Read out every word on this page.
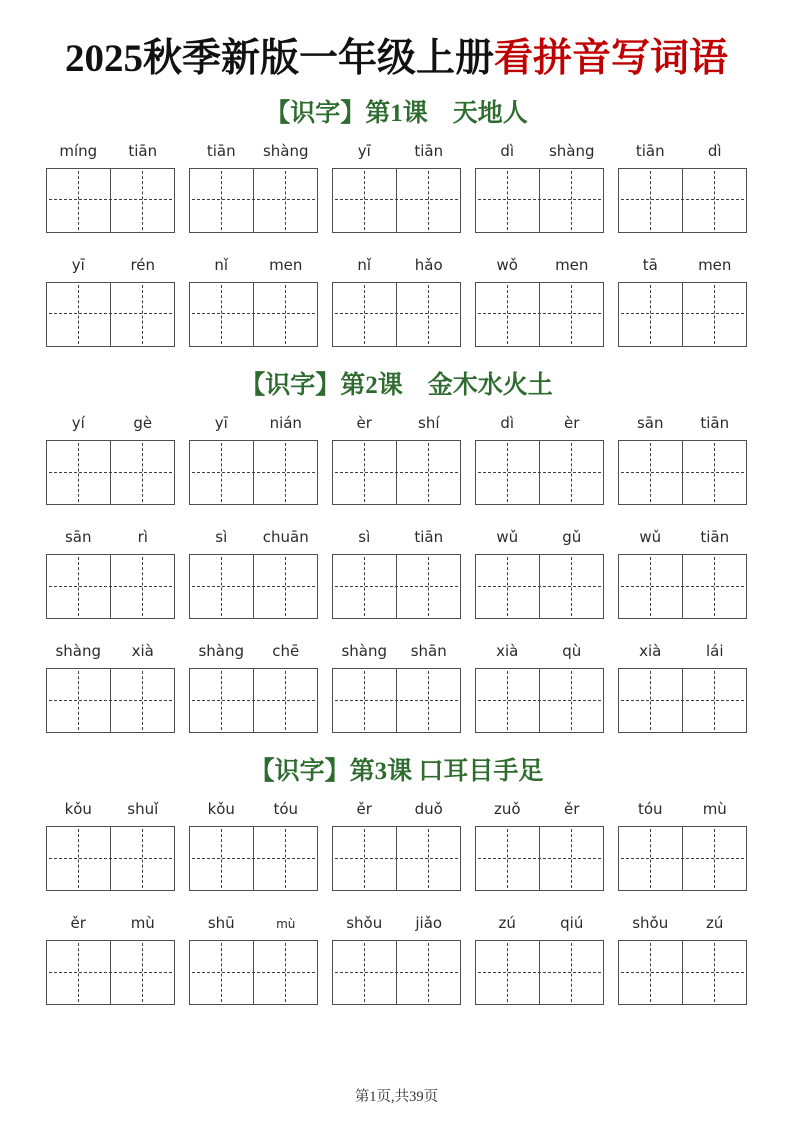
2025秋季新版一年级上册看拼音写词语
【识字】第1课　天地人
míng	tiān	tiān	shàng	yī	tiān	dì	shàng	tiān	dì
yī	rén	nǐ	men	nǐ	hǎo	wǒ	men	tā	men
【识字】第2课　金木水火土
yí	gè	yī	nián	èr	shí	dì	èr	sān	tiān
sān	rì	sì	chuān	sì	tiān	wǔ	gǔ	wǔ	tiān
shàng	xià	shàng	chē	shàng	shān	xià	qù	xià	lái
【识字】第3课 口耳目手足
kǒu	shuǐ	kǒu	tóu	ěr	duǒ	zuǒ	ěr	tóu	mù
ěr	mù	shū	mù	shǒu	jiǎo	zú	qiú	shǒu	zú
第1页,共39页
